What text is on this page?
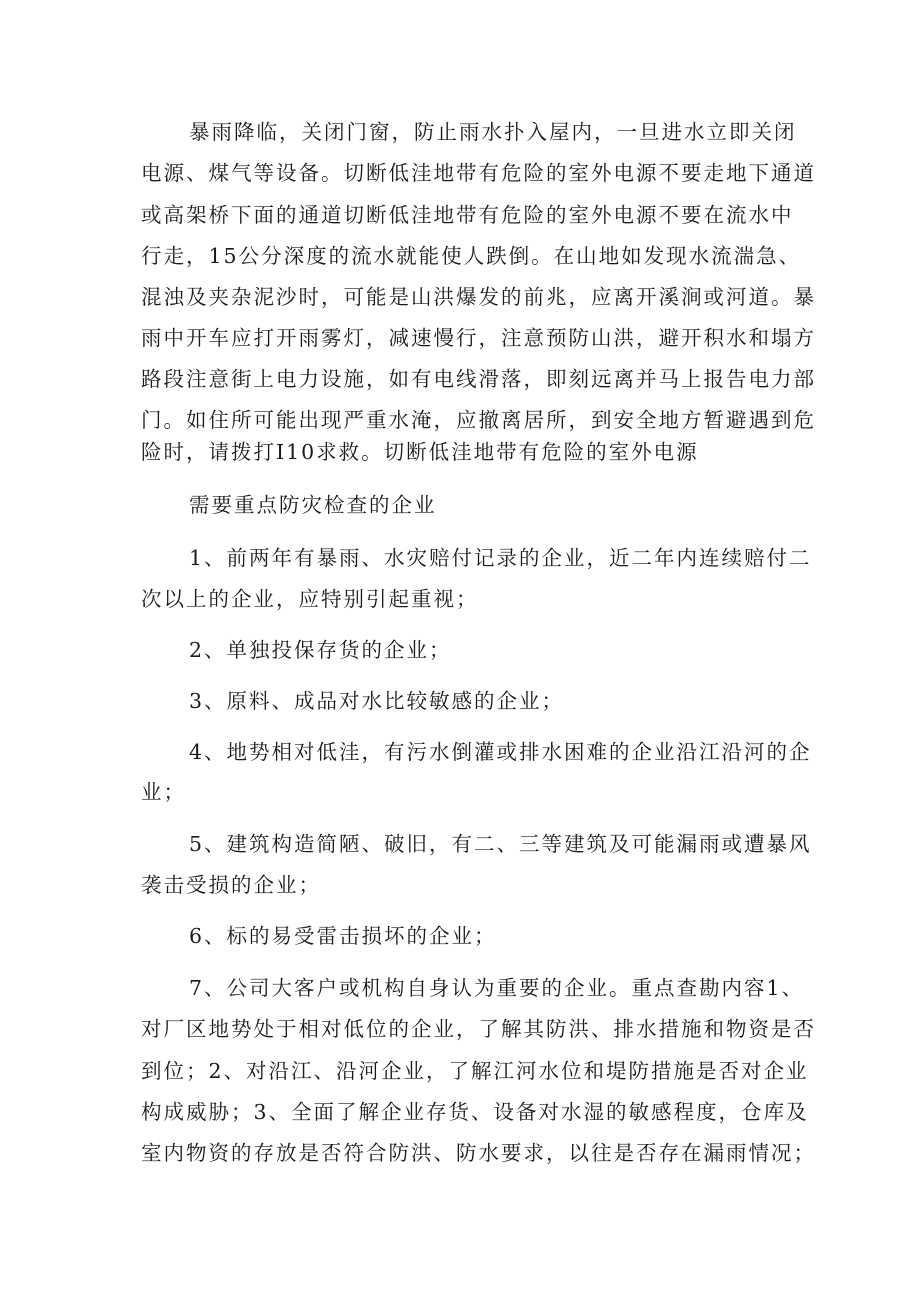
暴雨降临，关闭门窗，防止雨水扑入屋内，一旦进水立即关闭
电源、煤气等设备。切断低洼地带有危险的室外电源不要走地下通道
或高架桥下面的通道切断低洼地带有危险的室外电源不要在流水中
行走，15公分深度的流水就能使人跌倒。在山地如发现水流湍急、
混浊及夹杂泥沙时，可能是山洪爆发的前兆，应离开溪涧或河道。暴
雨中开车应打开雨雾灯，减速慢行，注意预防山洪，避开积水和塌方
路段注意街上电力设施，如有电线滑落，即刻远离并马上报告电力部
门。如住所可能出现严重水淹，应撤离居所，到安全地方暂避遇到危
险时，请拨打I10求救。切断低洼地带有危险的室外电源
需要重点防灾检查的企业
1、前两年有暴雨、水灾赔付记录的企业，近二年内连续赔付二
次以上的企业，应特别引起重视；
2、单独投保存货的企业；
3、原料、成品对水比较敏感的企业；
4、地势相对低洼，有污水倒灌或排水困难的企业沿江沿河的企
业；
5、建筑构造简陋、破旧，有二、三等建筑及可能漏雨或遭暴风
袭击受损的企业；
6、标的易受雷击损坏的企业；
7、公司大客户或机构自身认为重要的企业。重点查勘内容1、
对厂区地势处于相对低位的企业，了解其防洪、排水措施和物资是否
到位；2、对沿江、沿河企业，了解江河水位和堤防措施是否对企业
构成威胁；3、全面了解企业存货、设备对水湿的敏感程度，仓库及
室内物资的存放是否符合防洪、防水要求，以往是否存在漏雨情况；
